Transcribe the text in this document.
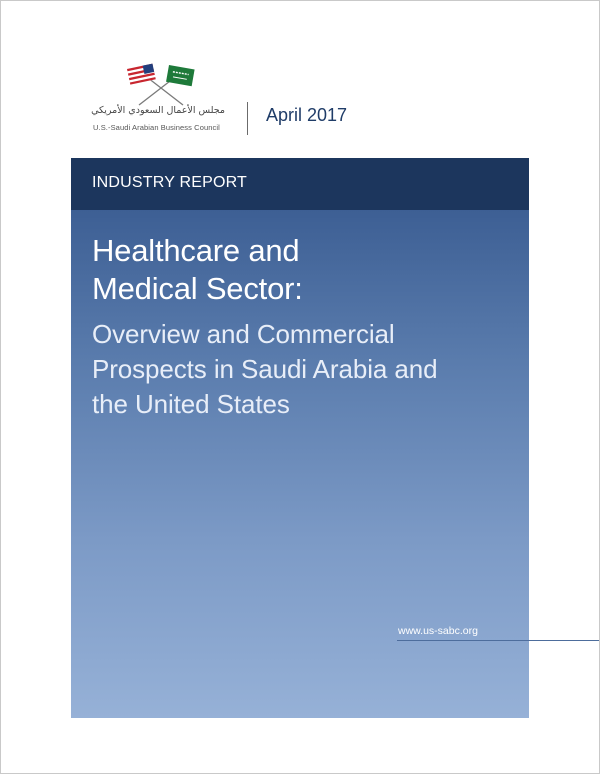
مجلس الأعمال السعودي الأمريكي
U.S.-Saudi Arabian Business Council
April 2017
INDUSTRY REPORT
Healthcare and
Medical Sector:
Overview and Commercial
Prospects in Saudi Arabia and
the United States
www.us-sabc.org
